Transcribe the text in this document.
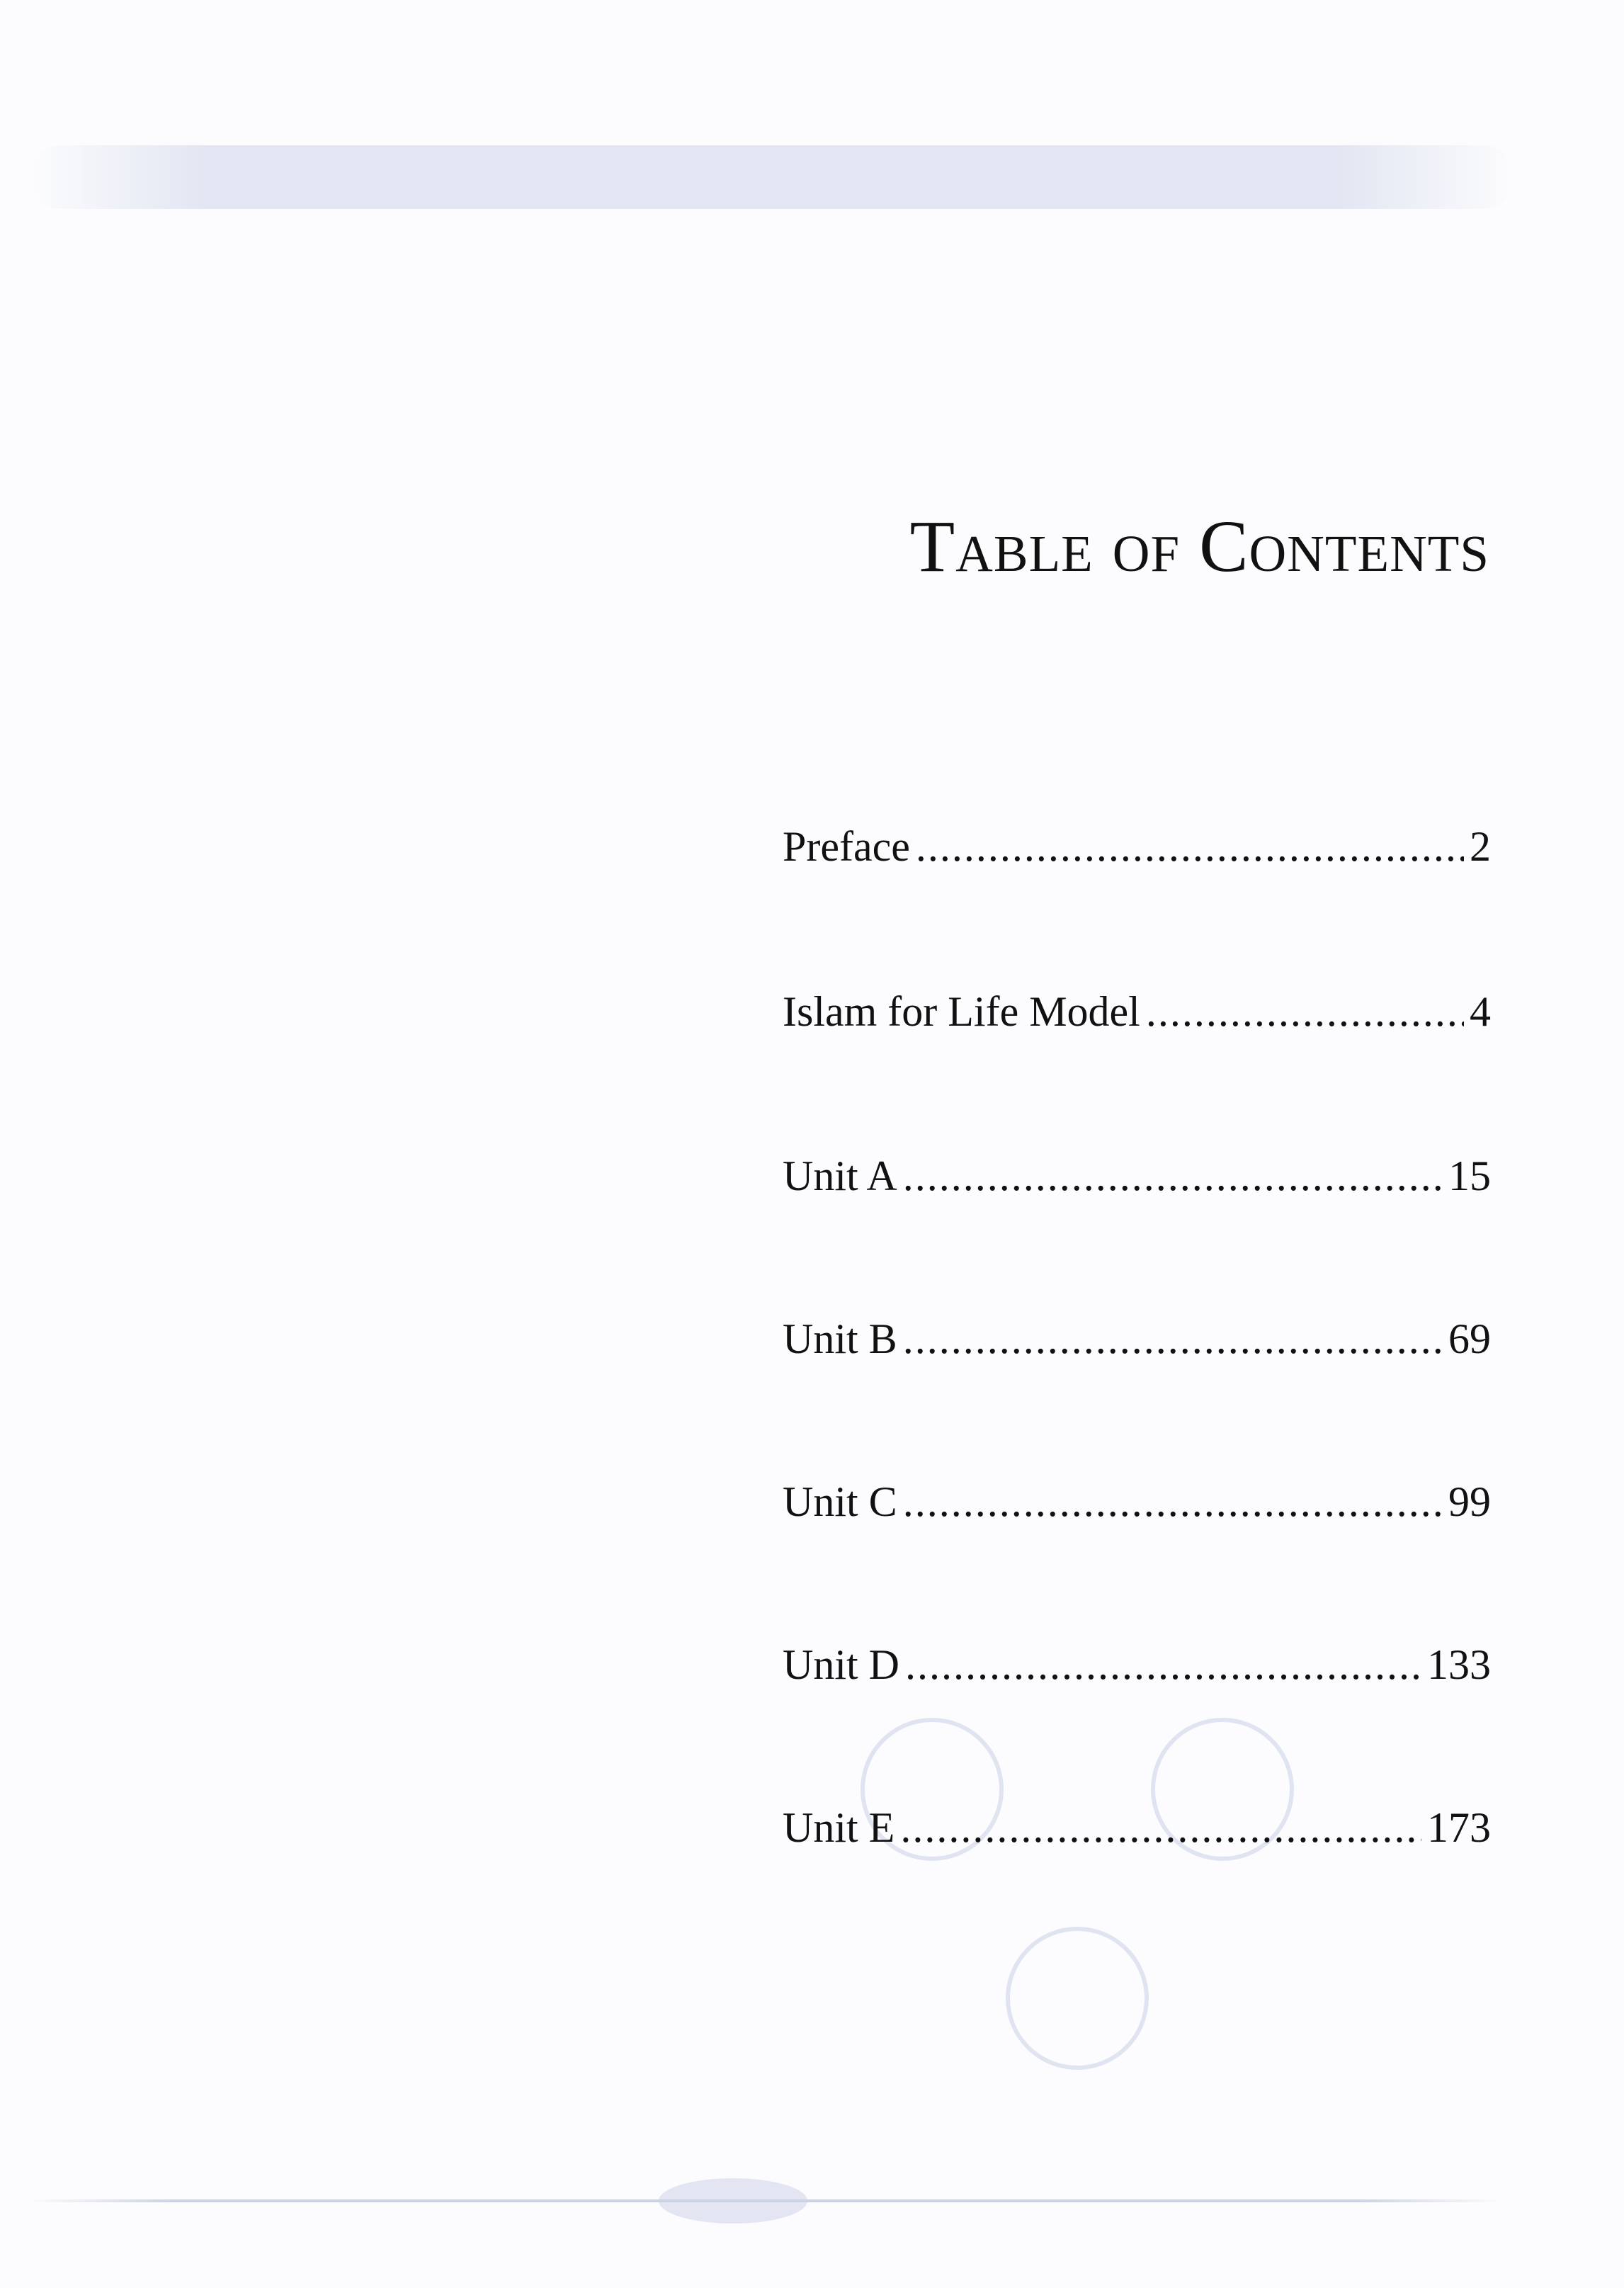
Table of Contents
Preface .....	2
Islam for Life Model .....	4
Unit A .....	15
Unit B .....	69
Unit C .....	99
Unit D .....	133
Unit E .....	173
